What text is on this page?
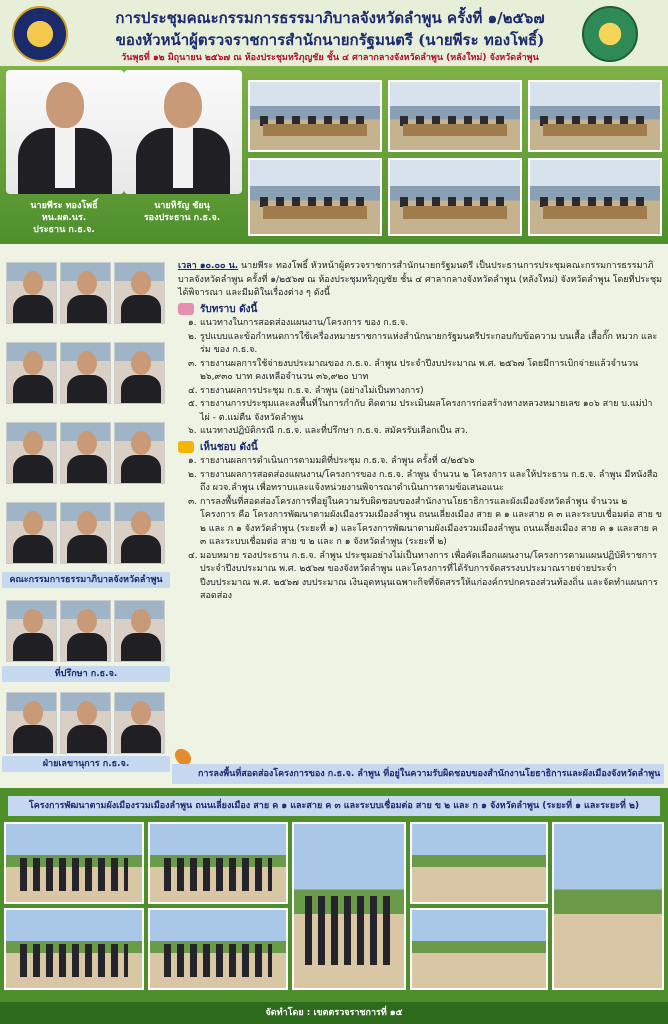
การประชุมคณะกรรมการธรรมาภิบาลจังหวัดลำพูน ครั้งที่ ๑/๒๕๖๗
ของหัวหน้าผู้ตรวจราชการสำนักนายกรัฐมนตรี (นายพีระ ทองโพธิ์)
วันพุธที่ ๑๒ มิถุนายน ๒๕๖๗ ณ ห้องประชุมหริภุญชัย ชั้น ๔ ศาลากลางจังหวัดลำพูน (หลังใหม่) จังหวัดลำพูน
นายพีระ ทองโพธิ์
หน.ผต.นร.
ประธาน ก.ธ.จ.
นายหิรัญ ชัยนุ
รองประธาน ก.ธ.จ.
คณะกรรมการธรรมาภิบาลจังหวัดลำพูน
ที่ปรึกษา ก.ธ.จ.
ฝ่ายเลขานุการ ก.ธ.จ.

เวลา ๑๐.๐๐ น. นายพีระ ทองโพธิ์ หัวหน้าผู้ตรวจราชการสำนักนายกรัฐมนตรี เป็นประธานการประชุมคณะกรรมการธรรมาภิบาลจังหวัดลำพูน ครั้งที่ ๑/๒๕๖๗ ณ ห้องประชุมหริภุญชัย ชั้น ๔ ศาลากลางจังหวัดลำพูน (หลังใหม่) จังหวัดลำพูน โดยที่ประชุมได้พิจารณา และมีมติในเรื่องต่าง ๆ ดังนี้

รับทราบ ดังนี้
๑. แนวทางในการสอดส่องแผนงาน/โครงการ ของ ก.ธ.จ.
๒. รูปแบบและข้อกำหนดการใช้เครื่องหมายราชการแห่งสำนักนายกรัฐมนตรีประกอบกับข้อความ บนเสื้อ เสื้อกั๊ก หมวก และ ร่ม ของ ก.ธ.จ.
๓. รายงานผลการใช้จ่ายงบประมาณของ ก.ธ.จ. ลำพูน ประจำปีงบประมาณ พ.ศ. ๒๕๖๗ โดยมีการเบิกจ่ายแล้วจำนวน ๒๖,๙๓๐ บาท คงเหลือจำนวน ๓๖,๙๒๐ บาท
๔. รายงานผลการประชุม ก.ธ.จ. ลำพูน (อย่างไม่เป็นทางการ)
๕. รายงานการประชุมและลงพื้นที่ในการกำกับ ติดตาม ประเมินผลโครงการก่อสร้างทางหลวงหมายเลข ๑๐๖ สาย บ.แม่ป่าไผ่ - ต.แม่ตืน จังหวัดลำพูน
๖. แนวทางปฏิบัติกรณี ก.ธ.จ. และที่ปรึกษา ก.ธ.จ. สมัครรับเลือกเป็น สว.
เห็นชอบ ดังนี้
๑. รายงานผลการดำเนินการตามมติที่ประชุม ก.ธ.จ. ลำพูน ครั้งที่ ๔/๒๕๖๖
๒. รายงานผลการสอดส่องแผนงาน/โครงการของ ก.ธ.จ. ลำพูน จำนวน ๒ โครงการ และให้ประธาน ก.ธ.จ. ลำพูน มีหนังสือถึง ผวจ.ลำพูน เพื่อทราบและแจ้งหน่วยงานพิจารณาดำเนินการตามข้อเสนอแนะ
๓. การลงพื้นที่สอดส่องโครงการที่อยู่ในความรับผิดชอบของสำนักงานโยธาธิการและผังเมืองจังหวัดลำพูน จำนวน ๒ โครงการ คือ โครงการพัฒนาตามผังเมืองรวมเมืองลำพูน ถนนเลี่ยงเมือง สาย ค ๑ และสาย ค ๓ และระบบเชื่อมต่อ สาย ข ๒ และ ก ๑ จังหวัดลำพูน (ระยะที่ ๑) และโครงการพัฒนาตามผังเมืองรวมเมืองลำพูน ถนนเลี่ยงเมือง สาย ค ๑ และสาย ค ๓ และระบบเชื่อมต่อ สาย ข ๒ และ ก ๑ จังหวัดลำพูน (ระยะที่ ๒)
๔. มอบหมาย รองประธาน ก.ธ.จ. ลำพูน ประชุมอย่างไม่เป็นทางการ เพื่อคัดเลือกแผนงาน/โครงการตามแผนปฏิบัติราชการประจำปีงบประมาณ พ.ศ. ๒๕๖๗ ของจังหวัดลำพูน และโครงการที่ได้รับการจัดสรรงบประมาณรายจ่ายประจำปีงบประมาณ พ.ศ. ๒๕๖๗ งบประมาณ เงินอุดหนุนเฉพาะกิจที่จัดสรรให้แก่องค์กรปกครองส่วนท้องถิ่น และจัดทำแผนการสอดส่อง
การลงพื้นที่สอดส่องโครงการของ ก.ธ.จ. ลำพูน ที่อยู่ในความรับผิดชอบของสำนักงานโยธาธิการและผังเมืองจังหวัดลำพูน
โครงการพัฒนาตามผังเมืองรวมเมืองลำพูน ถนนเลี่ยงเมือง สาย ค ๑ และสาย ค ๓ และระบบเชื่อมต่อ สาย ข ๒ และ ก ๑ จังหวัดลำพูน (ระยะที่ ๑ และระยะที่ ๒)
จัดทำโดย : เขตตรวจราชการที่ ๑๕
